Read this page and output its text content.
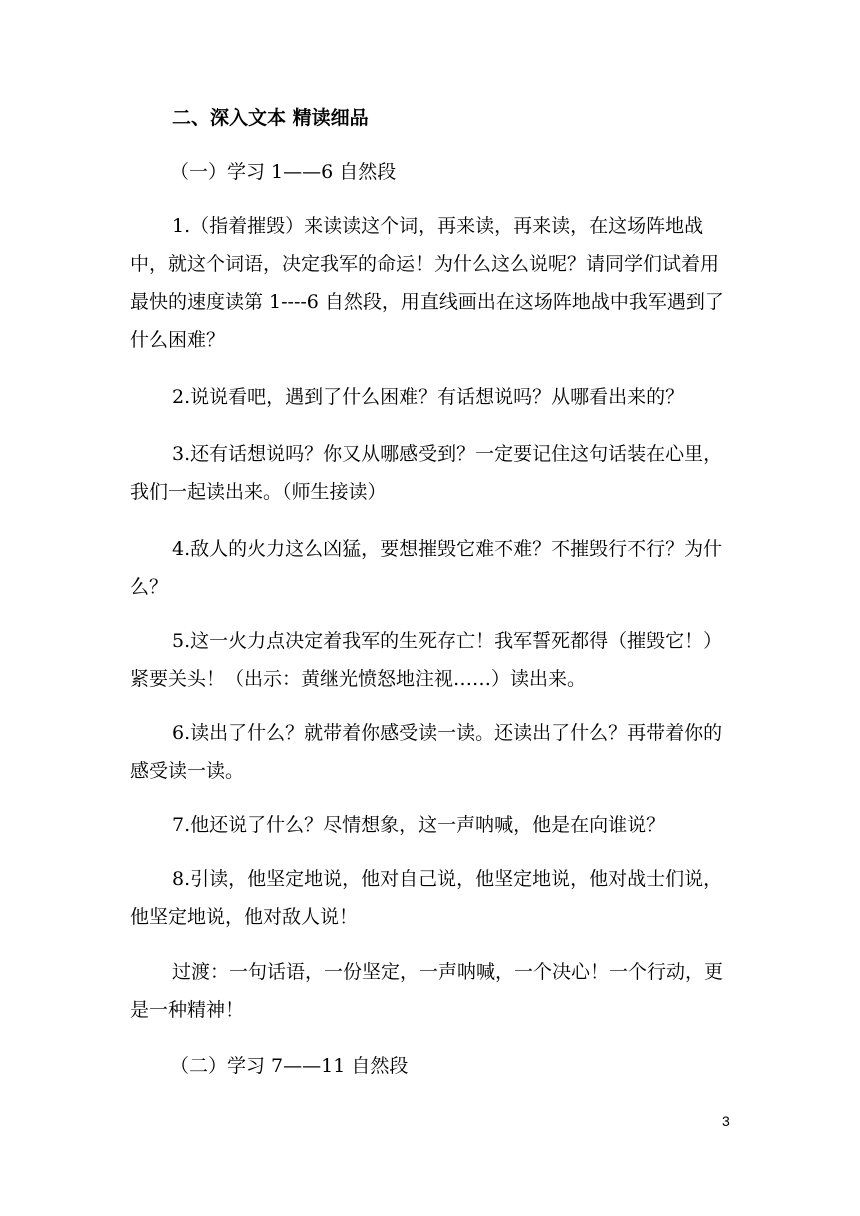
二、深入文本 精读细品
（一）学习 1——6 自然段

1.（指着摧毁）来读读这个词，再来读，再来读，在这场阵地战中，就这个词语，决定我军的命运！为什么这么说呢？请同学们试着用最快的速度读第 1----6 自然段，用直线画出在这场阵地战中我军遇到了什么困难？

2.说说看吧，遇到了什么困难？有话想说吗？从哪看出来的？

3.还有话想说吗？你又从哪感受到？一定要记住这句话装在心里，我们一起读出来。（师生接读）

4.敌人的火力这么凶猛，要想摧毁它难不难？不摧毁行不行？为什么？

5.这一火力点决定着我军的生死存亡！我军誓死都得（摧毁它！）紧要关头！（出示：黄继光愤怒地注视……）读出来。

6.读出了什么？就带着你感受读一读。还读出了什么？再带着你的感受读一读。

7.他还说了什么？尽情想象，这一声呐喊，他是在向谁说？

8.引读，他坚定地说，他对自己说，他坚定地说，他对战士们说，他坚定地说，他对敌人说！

过渡：一句话语，一份坚定，一声呐喊，一个决心！一个行动，更是一种精神！

（二）学习 7——11 自然段
3
